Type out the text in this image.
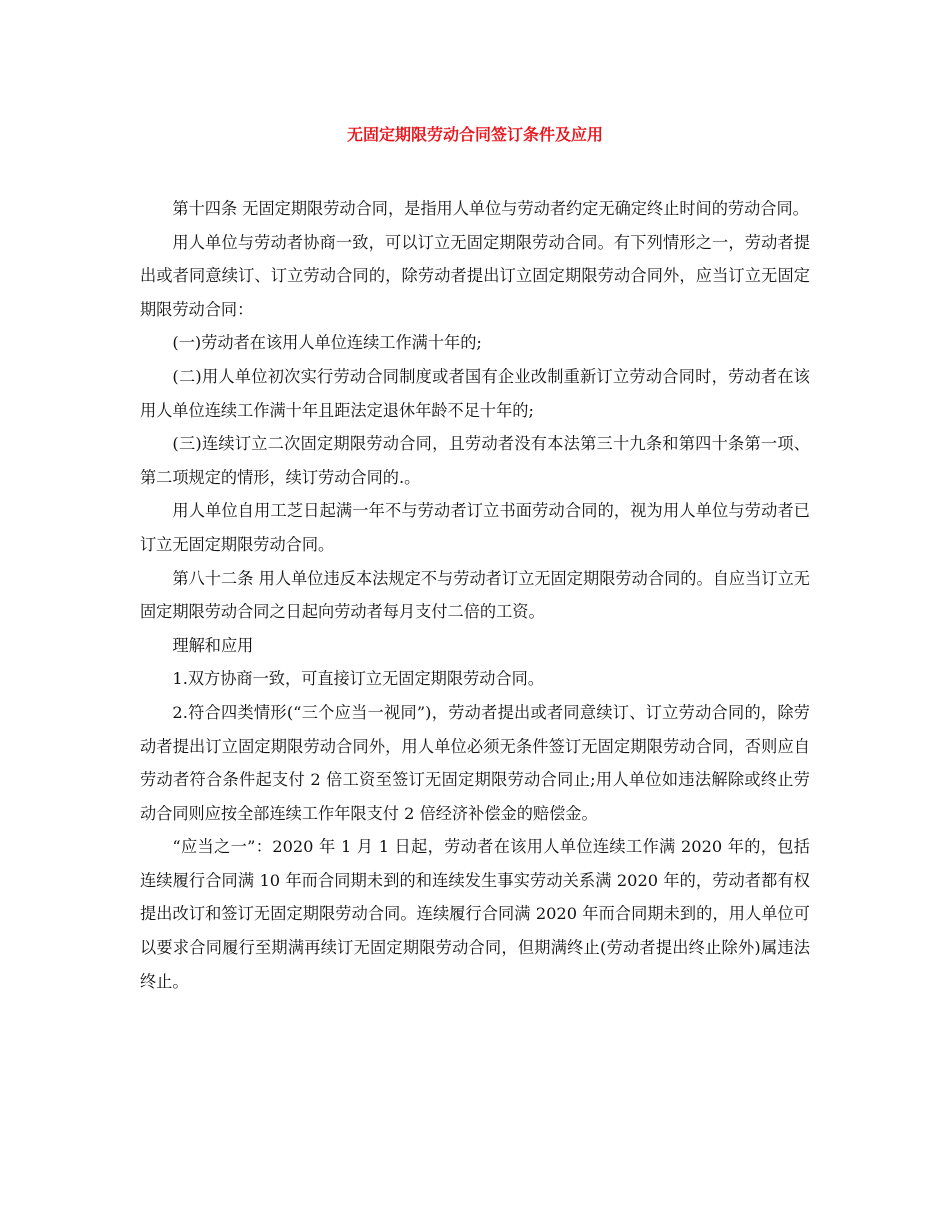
无固定期限劳动合同签订条件及应用

第十四条 无固定期限劳动合同，是指用人单位与劳动者约定无确定终止时间的劳动合同。

用人单位与劳动者协商一致，可以订立无固定期限劳动合同。有下列情形之一，劳动者提出或者同意续订、订立劳动合同的，除劳动者提出订立固定期限劳动合同外，应当订立无固定期限劳动合同：

(一)劳动者在该用人单位连续工作满十年的;

(二)用人单位初次实行劳动合同制度或者国有企业改制重新订立劳动合同时，劳动者在该用人单位连续工作满十年且距法定退休年龄不足十年的;

(三)连续订立二次固定期限劳动合同，且劳动者没有本法第三十九条和第四十条第一项、第二项规定的情形，续订劳动合同的.。

用人单位自用工芝日起满一年不与劳动者订立书面劳动合同的，视为用人单位与劳动者已订立无固定期限劳动合同。

第八十二条 用人单位违反本法规定不与劳动者订立无固定期限劳动合同的。自应当订立无固定期限劳动合同之日起向劳动者每月支付二倍的工资。

理解和应用

1.双方协商一致，可直接订立无固定期限劳动合同。

2.符合四类情形(“三个应当一视同”)，劳动者提出或者同意续订、订立劳动合同的，除劳动者提出订立固定期限劳动合同外，用人单位必须无条件签订无固定期限劳动合同，否则应自劳动者符合条件起支付 2 倍工资至签订无固定期限劳动合同止;用人单位如违法解除或终止劳动合同则应按全部连续工作年限支付 2 倍经济补偿金的赔偿金。

“应当之一”：2020 年 1 月 1 日起，劳动者在该用人单位连续工作满 2020 年的，包括连续履行合同满 10 年而合同期未到的和连续发生事实劳动关系满 2020 年的，劳动者都有权提出改订和签订无固定期限劳动合同。连续履行合同满 2020 年而合同期未到的，用人单位可以要求合同履行至期满再续订无固定期限劳动合同，但期满终止(劳动者提出终止除外)属违法终止。
